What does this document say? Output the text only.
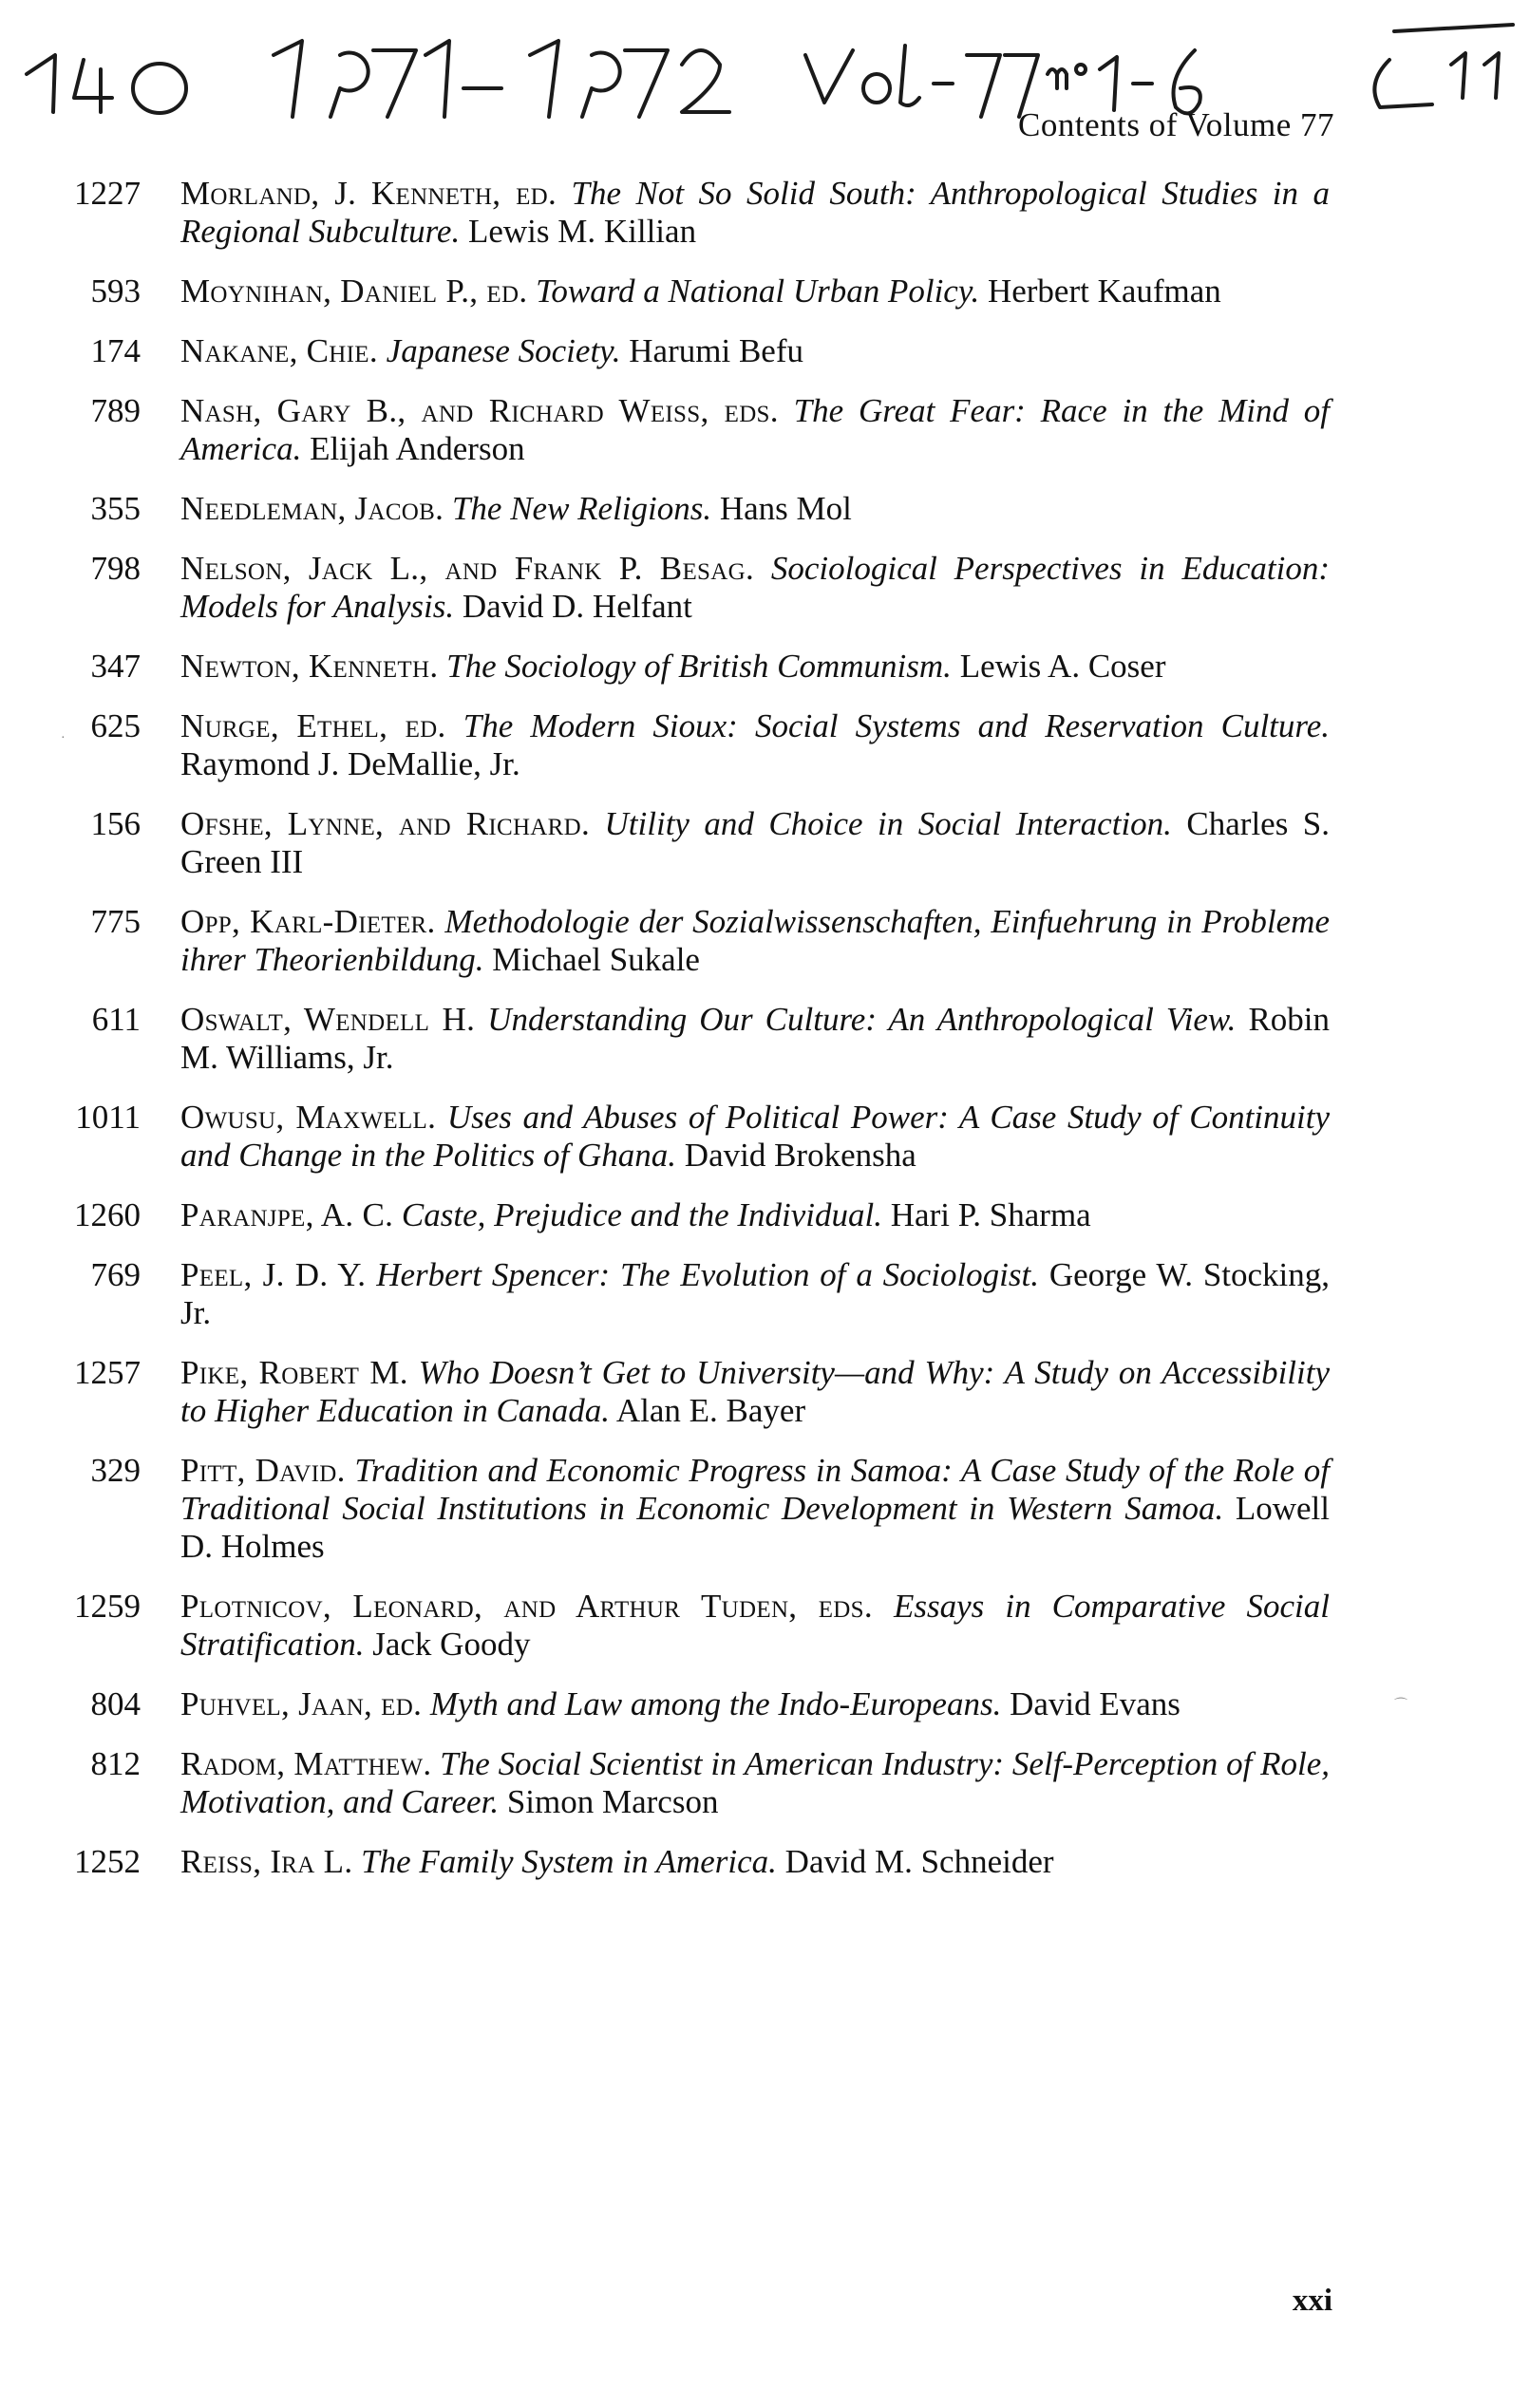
Contents of Volume 77
1227	Morland, J. Kenneth, ed. The Not So Solid South: Anthropological Studies in a Regional Subculture. Lewis M. Killian
593	Moynihan, Daniel P., ed. Toward a National Urban Policy. Herbert Kaufman
174	Nakane, Chie. Japanese Society. Harumi Befu
789	Nash, Gary B., and Richard Weiss, eds. The Great Fear: Race in the Mind of America. Elijah Anderson
355	Needleman, Jacob. The New Religions. Hans Mol
798	Nelson, Jack L., and Frank P. Besag. Sociological Perspectives in Education: Models for Analysis. David D. Helfant
347	Newton, Kenneth. The Sociology of British Communism. Lewis A. Coser
625	Nurge, Ethel, ed. The Modern Sioux: Social Systems and Reservation Culture. Raymond J. DeMallie, Jr.
156	Ofshe, Lynne, and Richard. Utility and Choice in Social Interaction. Charles S. Green III
775	Opp, Karl-Dieter. Methodologie der Sozialwissenschaften, Einfuehrung in Probleme ihrer Theorienbildung. Michael Sukale
611	Oswalt, Wendell H. Understanding Our Culture: An Anthropological View. Robin M. Williams, Jr.
1011	Owusu, Maxwell. Uses and Abuses of Political Power: A Case Study of Continuity and Change in the Politics of Ghana. David Brokensha
1260	Paranjpe, A. C. Caste, Prejudice and the Individual. Hari P. Sharma
769	Peel, J. D. Y. Herbert Spencer: The Evolution of a Sociologist. George W. Stocking, Jr.
1257	Pike, Robert M. Who Doesn’t Get to University—and Why: A Study on Accessibility to Higher Education in Canada. Alan E. Bayer
329	Pitt, David. Tradition and Economic Progress in Samoa: A Case Study of the Role of Traditional Social Institutions in Economic Development in Western Samoa. Lowell D. Holmes
1259	Plotnicov, Leonard, and Arthur Tuden, eds. Essays in Comparative Social Stratification. Jack Goody
804	Puhvel, Jaan, ed. Myth and Law among the Indo-Europeans. David Evans
812	Radom, Matthew. The Social Scientist in American Industry: Self-Perception of Role, Motivation, and Career. Simon Marcson
1252	Reiss, Ira L. The Family System in America. David M. Schneider
·
⌒
xxi
